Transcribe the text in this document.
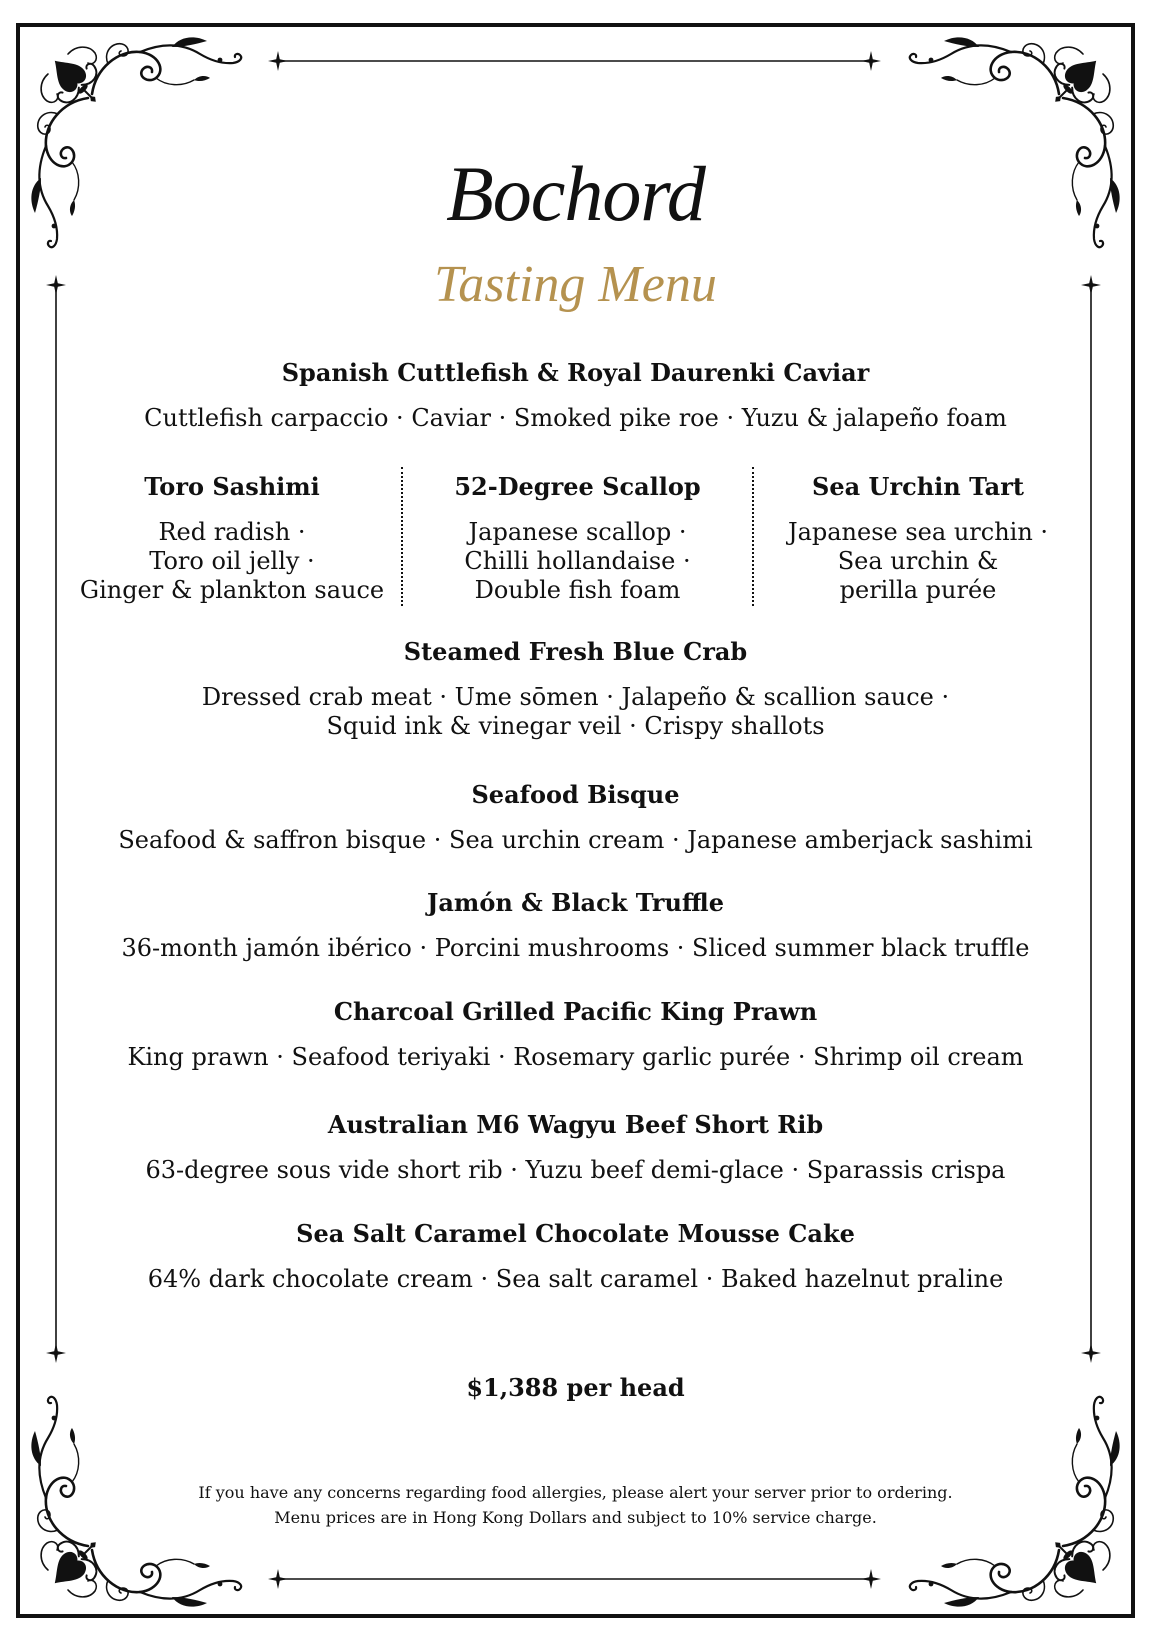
Bochord
Tasting Menu
Spanish Cuttlefish & Royal Daurenki Caviar

Cuttlefish carpaccio · Caviar · Smoked pike roe · Yuzu & jalapeño foam

Toro Sashimi

Red radish ·

Toro oil jelly ·

Ginger & plankton sauce

52-Degree Scallop

Japanese scallop ·

Chilli hollandaise ·

Double fish foam

Sea Urchin Tart

Japanese sea urchin ·

Sea urchin &

perilla purée

Steamed Fresh Blue Crab

Dressed crab meat · Ume sōmen · Jalapeño & scallion sauce ·

Squid ink & vinegar veil · Crispy shallots

Seafood Bisque

Seafood & saffron bisque · Sea urchin cream · Japanese amberjack sashimi

Jamón & Black Truffle

36-month jamón ibérico · Porcini mushrooms · Sliced summer black truffle

Charcoal Grilled Pacific King Prawn

King prawn · Seafood teriyaki · Rosemary garlic purée · Shrimp oil cream

Australian M6 Wagyu Beef Short Rib

63-degree sous vide short rib · Yuzu beef demi-glace · Sparassis crispa

Sea Salt Caramel Chocolate Mousse Cake

64% dark chocolate cream · Sea salt caramel · Baked hazelnut praline

$1,388 per head

If you have any concerns regarding food allergies, please alert your server prior to ordering.

Menu prices are in Hong Kong Dollars and subject to 10% service charge.
